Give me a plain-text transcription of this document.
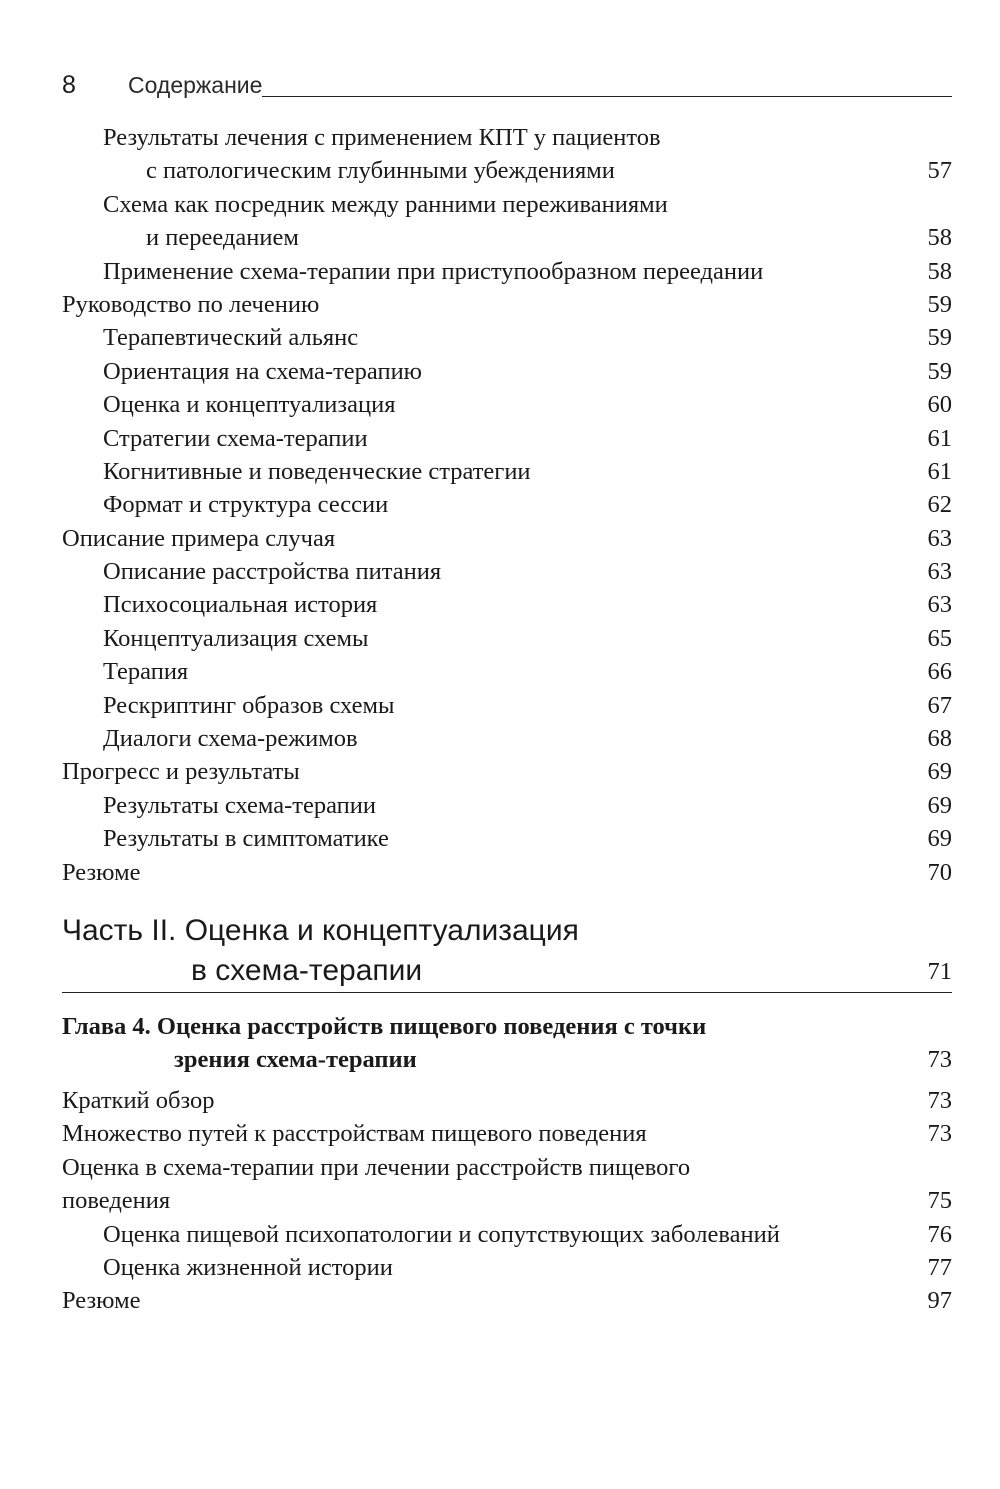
8 Содержание
Результаты лечения с применением КПТ у пациентов
с патологическим глубинными убеждениями	57
Схема как посредник между ранними переживаниями
и перееданием	58
Применение схема-терапии при приступообразном переедании	58
Руководство по лечению	59
Терапевтический альянс	59
Ориентация на схема-терапию	59
Оценка и концептуализация	60
Стратегии схема-терапии	61
Когнитивные и поведенческие стратегии	61
Формат и структура сессии	62
Описание примера случая	63
Описание расстройства питания	63
Психосоциальная история	63
Концептуализация схемы	65
Терапия	66
Рескриптинг образов схемы	67
Диалоги схема-режимов	68
Прогресс и результаты	69
Результаты схема-терапии	69
Результаты в симптоматике	69
Резюме	70
Часть II. Оценка и концептуализация
в схема-терапии	71
Глава 4. Оценка расстройств пищевого поведения с точки
зрения схема-терапии	73
Краткий обзор	73
Множество путей к расстройствам пищевого поведения	73
Оценка в схема-терапии при лечении расстройств пищевого
поведения	75
Оценка пищевой психопатологии и сопутствующих заболеваний	76
Оценка жизненной истории	77
Резюме	97
